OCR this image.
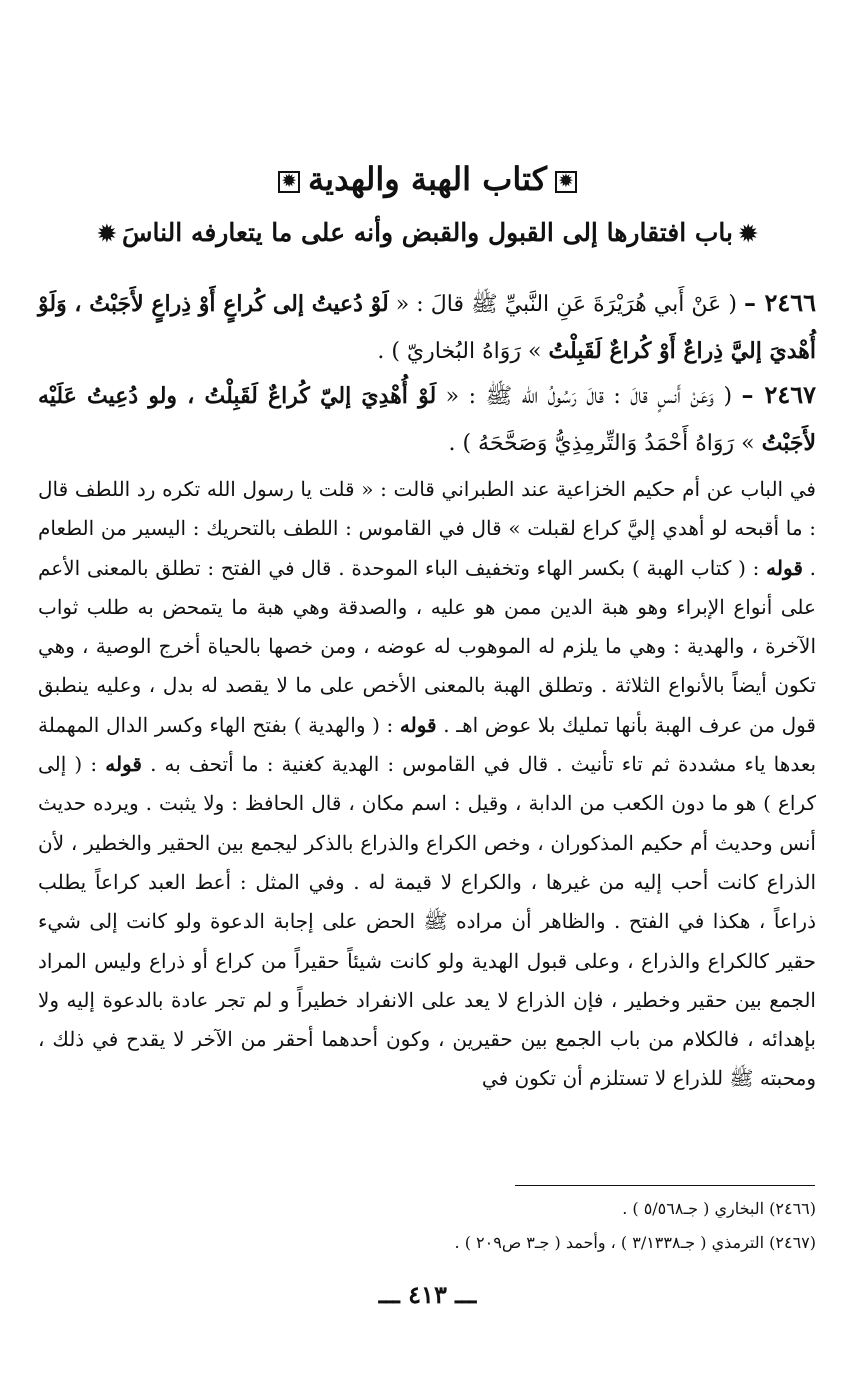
✹كتاب الهبة والهدية✹
✹باب افتقارها إلى القبول والقبض وأنه على ما يتعارفه الناسَ✹
٢٤٦٦ – ( عَنْ أَبي هُرَيْرَةَ عَنِ النَّبيِّ ﷺ قالَ : « لَوْ دُعيتُ إلى كُراعٍ أَوْ ذِراعٍ لأَجَبْتُ ، وَلَوْ أُهْديَ إليَّ ذِراعٌ أَوْ كُراعٌ لَقَبِلْتُ » رَوَاهُ البُخاريّ ) .
٢٤٦٧ – ( وَعَنْ أَنسٍ قالَ : قالَ رَسُولُ الله ﷺ : « لَوْ أُهْدِيَ إليّ كُراعٌ لَقَبِلْتُ ، ولو دُعِيتُ عَلَيْه لأَجَبْتُ » رَوَاهُ أَحْمَدُ وَالتِّرمِذِيُّ وَصَحَّحَهُ ) .
في الباب عن أم حكيم الخزاعية عند الطبراني قالت : « قلت يا رسول الله تكره رد اللطف قال : ما أقبحه لو أهدي إليَّ كراع لقبلت » قال في القاموس : اللطف بالتحريك : اليسير من الطعام . قوله : ( كتاب الهبة ) بكسر الهاء وتخفيف الباء الموحدة . قال في الفتح : تطلق بالمعنى الأعم على أنواع الإبراء وهو هبة الدين ممن هو عليه ، والصدقة وهي هبة ما يتمحض به طلب ثواب الآخرة ، والهدية : وهي ما يلزم له الموهوب له عوضه ، ومن خصها بالحياة أخرج الوصية ، وهي تكون أيضاً بالأنواع الثلاثة . وتطلق الهبة بالمعنى الأخص على ما لا يقصد له بدل ، وعليه ينطبق قول من عرف الهبة بأنها تمليك بلا عوض اهـ . قوله : ( والهدية ) بفتح الهاء وكسر الدال المهملة بعدها ياء مشددة ثم تاء تأنيث . قال في القاموس : الهدية كغنية : ما أتحف به . قوله : ( إلى كراع ) هو ما دون الكعب من الدابة ، وقيل : اسم مكان ، قال الحافظ : ولا يثبت . ويرده حديث أنس وحديث أم حكيم المذكوران ، وخص الكراع والذراع بالذكر ليجمع بين الحقير والخطير ، لأن الذراع كانت أحب إليه من غيرها ، والكراع لا قيمة له . وفي المثل : أعط العبد كراعاً يطلب ذراعاً ، هكذا في الفتح . والظاهر أن مراده ﷺ الحض على إجابة الدعوة ولو كانت إلى شيء حقير كالكراع والذراع ، وعلى قبول الهدية ولو كانت شيئاً حقيراً من كراع أو ذراع وليس المراد الجمع بين حقير وخطير ، فإن الذراع لا يعد على الانفراد خطيراً و لم تجر عادة بالدعوة إليه ولا بإهدائه ، فالكلام من باب الجمع بين حقيرين ، وكون أحدهما أحقر من الآخر لا يقدح في ذلك ، ومحبته ﷺ للذراع لا تستلزم أن تكون في
(٢٤٦٦) البخاري ( جـ٥/٥٦٨ ) .
(٢٤٦٧) الترمذي ( جـ٣/١٣٣٨ ) ، وأحمد ( جـ٣ ص٢٠٩ ) .
ـــ ٤١٣ ـــ
